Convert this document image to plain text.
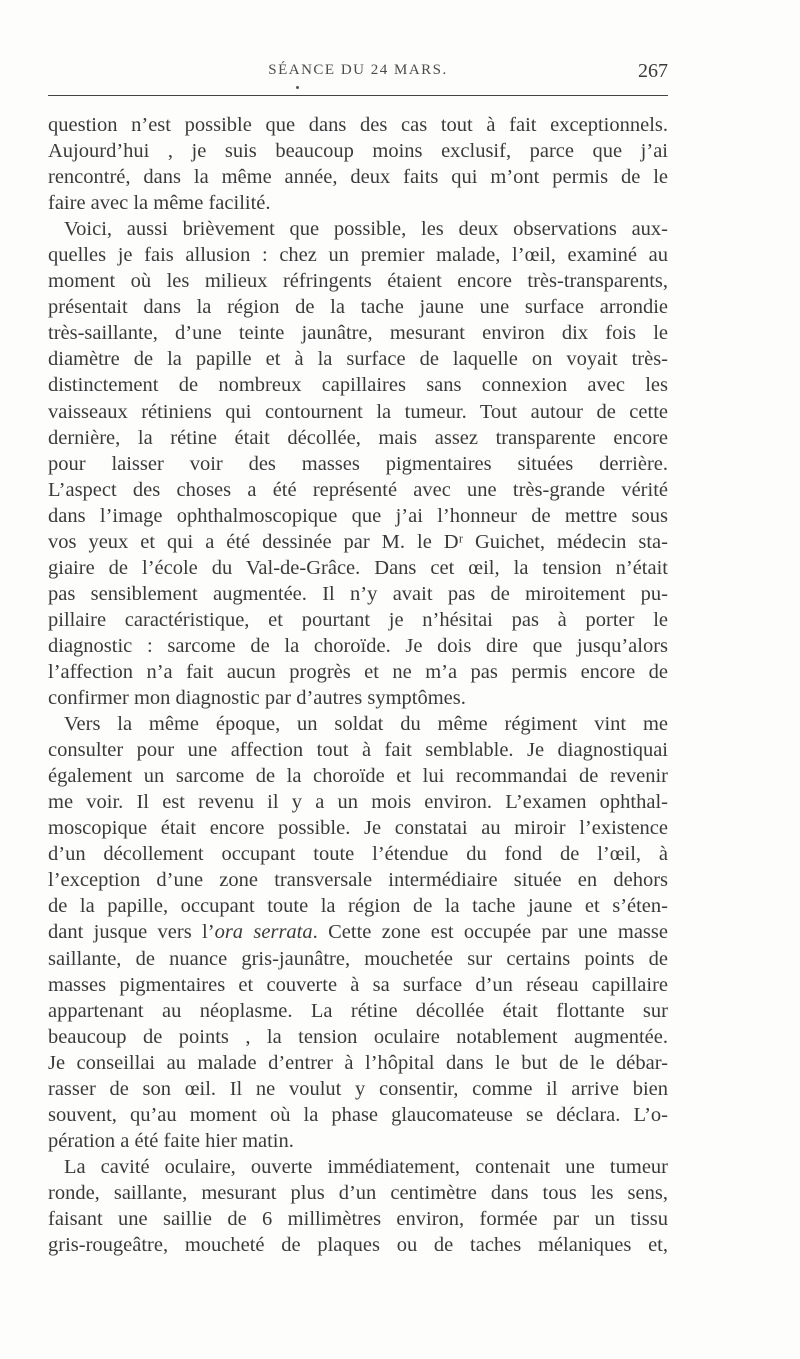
SÉANCE DU 24 MARS.	267
question n’est possible que dans des cas tout à fait exceptionnels.
Aujourd’hui , je suis beaucoup moins exclusif, parce que j’ai
rencontré, dans la même année, deux faits qui m’ont permis de le
faire avec la même facilité.
Voici, aussi brièvement que possible, les deux observations aux-
quelles je fais allusion : chez un premier malade, l’œil, examiné au
moment où les milieux réfringents étaient encore très-transparents,
présentait dans la région de la tache jaune une surface arrondie
très-saillante, d’une teinte jaunâtre, mesurant environ dix fois le
diamètre de la papille et à la surface de laquelle on voyait très-
distinctement de nombreux capillaires sans connexion avec les
vaisseaux rétiniens qui contournent la tumeur. Tout autour de cette
dernière, la rétine était décollée, mais assez transparente encore
pour laisser voir des masses pigmentaires situées derrière.
L’aspect des choses a été représenté avec une très-grande vérité
dans l’image ophthalmoscopique que j’ai l’honneur de mettre sous
vos yeux et qui a été dessinée par M. le Dʳ Guichet, médecin sta-
giaire de l’école du Val-de-Grâce. Dans cet œil, la tension n’était
pas sensiblement augmentée. Il n’y avait pas de miroitement pu-
pillaire caractéristique, et pourtant je n’hésitai pas à porter le
diagnostic : sarcome de la choroïde. Je dois dire que jusqu’alors
l’affection n’a fait aucun progrès et ne m’a pas permis encore de
confirmer mon diagnostic par d’autres symptômes.
Vers la même époque, un soldat du même régiment vint me
consulter pour une affection tout à fait semblable. Je diagnostiquai
également un sarcome de la choroïde et lui recommandai de revenir
me voir. Il est revenu il y a un mois environ. L’examen ophthal-
moscopique était encore possible. Je constatai au miroir l’existence
d’un décollement occupant toute l’étendue du fond de l’œil, à
l’exception d’une zone transversale intermédiaire située en dehors
de la papille, occupant toute la région de la tache jaune et s’éten-
dant jusque vers l’ora serrata. Cette zone est occupée par une masse
saillante, de nuance gris-jaunâtre, mouchetée sur certains points de
masses pigmentaires et couverte à sa surface d’un réseau capillaire
appartenant au néoplasme. La rétine décollée était flottante sur
beaucoup de points , la tension oculaire notablement augmentée.
Je conseillai au malade d’entrer à l’hôpital dans le but de le débar-
rasser de son œil. Il ne voulut y consentir, comme il arrive bien
souvent, qu’au moment où la phase glaucomateuse se déclara. L’o-
pération a été faite hier matin.
La cavité oculaire, ouverte immédiatement, contenait une tumeur
ronde, saillante, mesurant plus d’un centimètre dans tous les sens,
faisant une saillie de 6 millimètres environ, formée par un tissu
gris-rougeâtre, moucheté de plaques ou de taches mélaniques et,
